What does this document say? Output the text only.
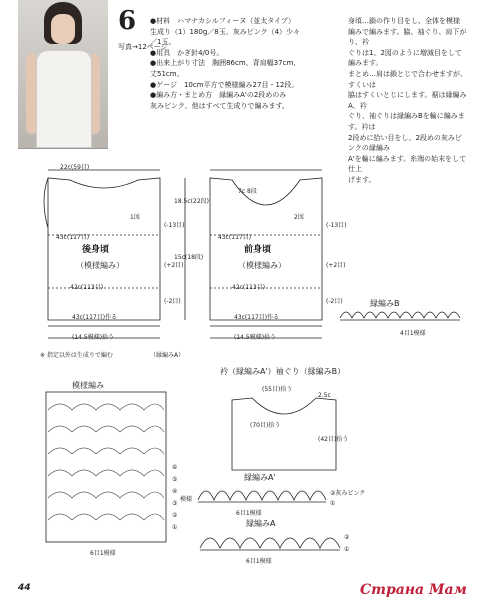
6
写真→12ページ
●材料　ハマナカシルフィーヌ（並太タイプ）
生成り（1）180g／8玉、灰みピンク（4）少々
／1玉。
●用具　かぎ針4/0号。
●出来上がり寸法　胸囲86cm、背肩幅37cm、
丈51cm。
●ゲージ　10cm平方で模様編み27目・12段。
●編み方・まとめ方　縁編みA'の2段めのみ
灰みピンク、他はすべて生成りで編みます。
身頃…鎖の作り目をし、全体を模様
編みで編みます。脇、袖ぐり、肩下がり、衿
ぐりは1、2図のように増減目をして編みます。
まとめ…肩は鎖とじで合わせますが、すくいは
脇はすくいとじにします。裾は縁編みA、衿
ぐり、袖ぐりは縁編みBを輪に編みます。衿は
2段めに拾い目をし、2段めの灰みピンクの縁編み
A'を輪に編みます。糸端の始末をして仕上
げます。
22c(59目)
1図
43c(117目)
後身頃
（模様編み）
42c(113目)
43c(117目)作る
(14.5模様)拾う
(-13目)
(+2目)
(-2目)
7c 8段
2図
43c(117目)
前身頃
（模様編み）
42c(113目)
43c(117目)作る
(14.5模様)拾う
(-13目)
(+2目)
(-2目)
18.5c(22段)
15c(18段)
※ 指定以外は生成りで編む	（縁編みA）
縁編みB
4目1模様
模様編み
⑥
⑤
④
③
②
①
模様
6目1模様
衿（縁編みA'）袖ぐり（縁編みB）
(55目)拾う
(70目)拾う
(42目)拾う
2.5c
縁編みA'
②灰みピンク
①
6目1模様
縁編みA
②
①
6目1模様
44	Страна Мам
